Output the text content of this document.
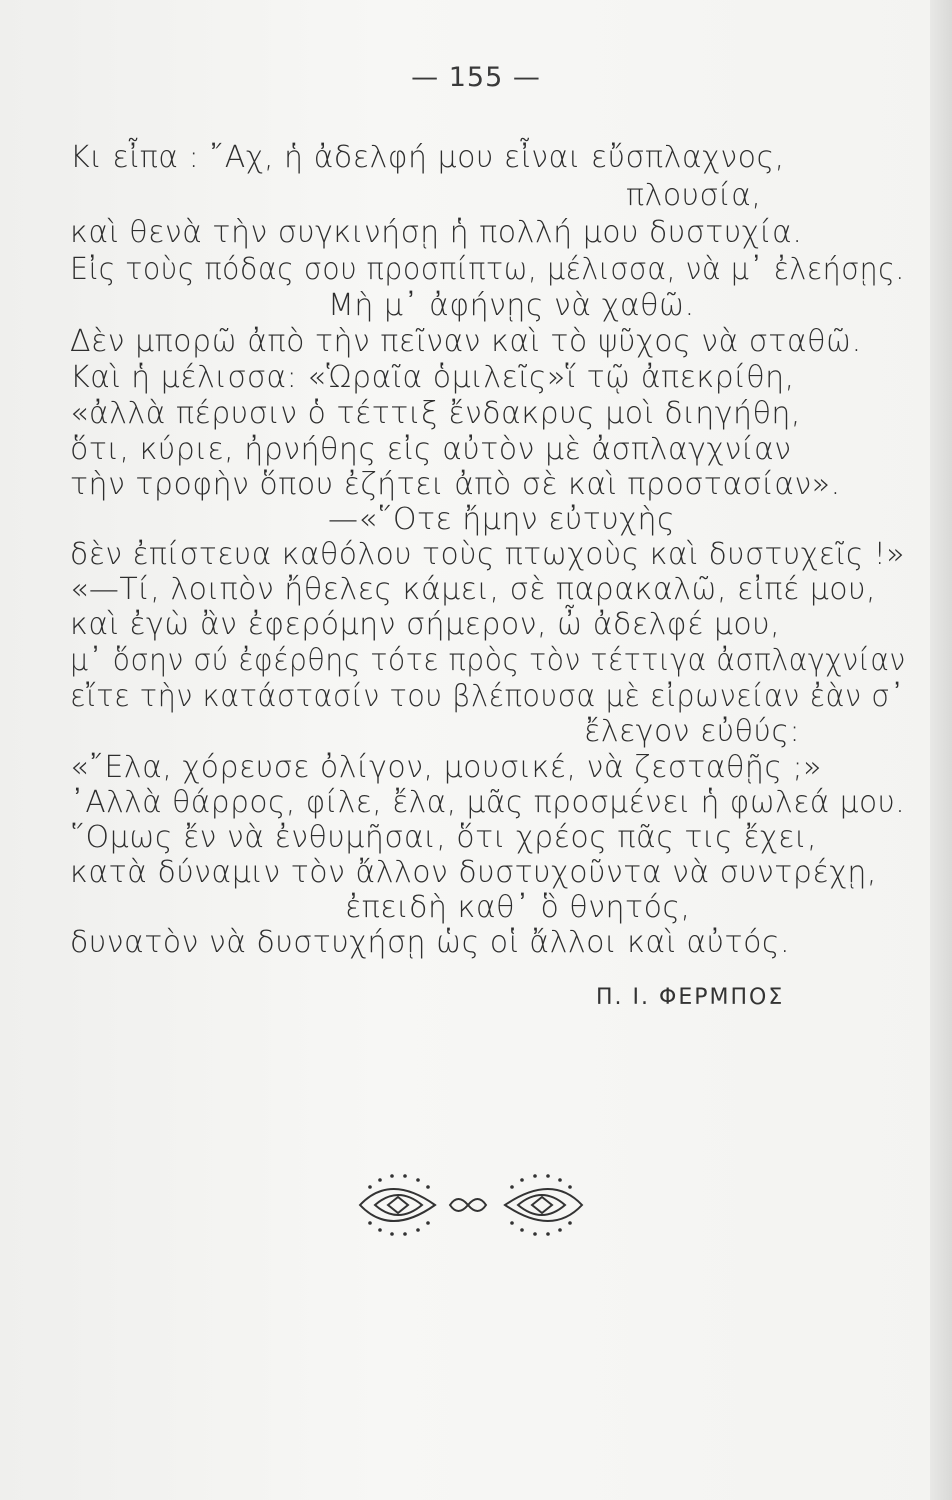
— 155 —
Κι εἶπα : ῎Αχ, ἡ ἀδελφή μου εἶναι εὔσπλαχνος,
πλουσία,
καὶ θενὰ τὴν συγκινήσῃ ἡ πολλή μου δυστυχία.
Εἰς τοὺς πόδας σου προσπίπτω, μέλισσα, νὰ μ᾿ ἐλεήσῃς.
Μὴ μ᾿ ἀφήνῃς νὰ χαθῶ.
Δὲν μπορῶ ἀπὸ τὴν πεῖναν καὶ τὸ ψῦχος νὰ σταθῶ.
Καὶ ἡ μέλισσα: «Ὡραῖα ὁμιλεῖς»ἵ τῷ ἀπεκρίθη,
«ἀλλὰ πέρυσιν ὁ τέττιξ ἔνδακρυς μοὶ διηγήθη,
ὅτι, κύριε, ἠρνήθης εἰς αὐτὸν μὲ ἀσπλαγχνίαν
τὴν τροφὴν ὅπου ἐζήτει ἀπὸ σὲ καὶ προστασίαν».
—«῞Οτε ἤμην εὐτυχὴς
δὲν ἐπίστευα καθόλου τοὺς πτωχοὺς καὶ δυστυχεῖς !»
«—Τί, λοιπὸν ἤθελες κάμει, σὲ παρακαλῶ, εἰπέ μου,
καὶ ἐγὼ ἂν ἐφερόμην σήμερον, ὦ ἀδελφέ μου,
μ᾿ ὅσην σύ ἐφέρθης τότε πρὸς τὸν τέττιγα ἀσπλαγχνίαν
εἴτε τὴν κατάστασίν του βλέπουσα μὲ εἰρωνείαν ἐὰν σ᾿
ἔλεγον εὐθύς:
«῎Ελα, χόρευσε ὀλίγον, μουσικέ, νὰ ζεσταθῇς ;»
᾿Αλλὰ θάρρος, φίλε, ἔλα, μᾶς προσμένει ἡ φωλεά μου.
῞Ομως ἔν νὰ ἐνθυμῆσαι, ὅτι χρέος πᾶς τις ἔχει,
κατὰ δύναμιν τὸν ἄλλον δυστυχοῦντα νὰ συντρέχῃ,
ἐπειδὴ καθ᾿ ὃ θνητός,
δυνατὸν νὰ δυστυχήσῃ ὡς οἱ ἄλλοι καὶ αὐτός.
Π. Ι. ΦΕΡΜΠΟΣ
